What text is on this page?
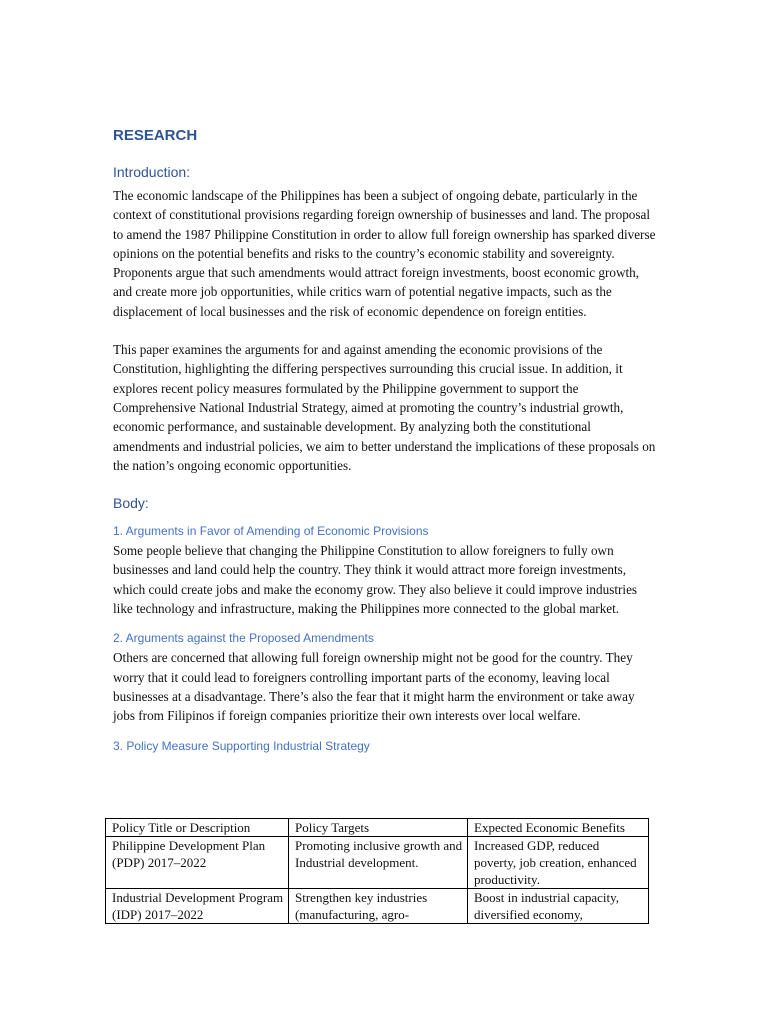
RESEARCH
Introduction:

The economic landscape of the Philippines has been a subject of ongoing debate, particularly in the context of constitutional provisions regarding foreign ownership of businesses and land. The proposal to amend the 1987 Philippine Constitution in order to allow full foreign ownership has sparked diverse opinions on the potential benefits and risks to the country’s economic stability and sovereignty. Proponents argue that such amendments would attract foreign investments, boost economic growth, and create more job opportunities, while critics warn of potential negative impacts, such as the displacement of local businesses and the risk of economic dependence on foreign entities.

This paper examines the arguments for and against amending the economic provisions of the Constitution, highlighting the differing perspectives surrounding this crucial issue. In addition, it explores recent policy measures formulated by the Philippine government to support the Comprehensive National Industrial Strategy, aimed at promoting the country’s industrial growth, economic performance, and sustainable development. By analyzing both the constitutional amendments and industrial policies, we aim to better understand the implications of these proposals on the nation’s ongoing economic opportunities.

Body:
1. Arguments in Favor of Amending of Economic Provisions

Some people believe that changing the Philippine Constitution to allow foreigners to fully own businesses and land could help the country. They think it would attract more foreign investments, which could create jobs and make the economy grow. They also believe it could improve industries like technology and infrastructure, making the Philippines more connected to the global market.

2. Arguments against the Proposed Amendments

Others are concerned that allowing full foreign ownership might not be good for the country. They worry that it could lead to foreigners controlling important parts of the economy, leaving local businesses at a disadvantage. There’s also the fear that it might harm the environment or take away jobs from Filipinos if foreign companies prioritize their own interests over local welfare.

3. Policy Measure Supporting Industrial Strategy
Policy Title or Description	Policy Targets	Expected Economic Benefits
Philippine Development Plan (PDP) 2017–2022	Promoting inclusive growth and Industrial development.	Increased GDP, reduced poverty, job creation, enhanced productivity.

Industrial Development Program (IDP) 2017–2022	Strengthen key industries (manufacturing, agro-	Boost in industrial capacity, diversified economy,
